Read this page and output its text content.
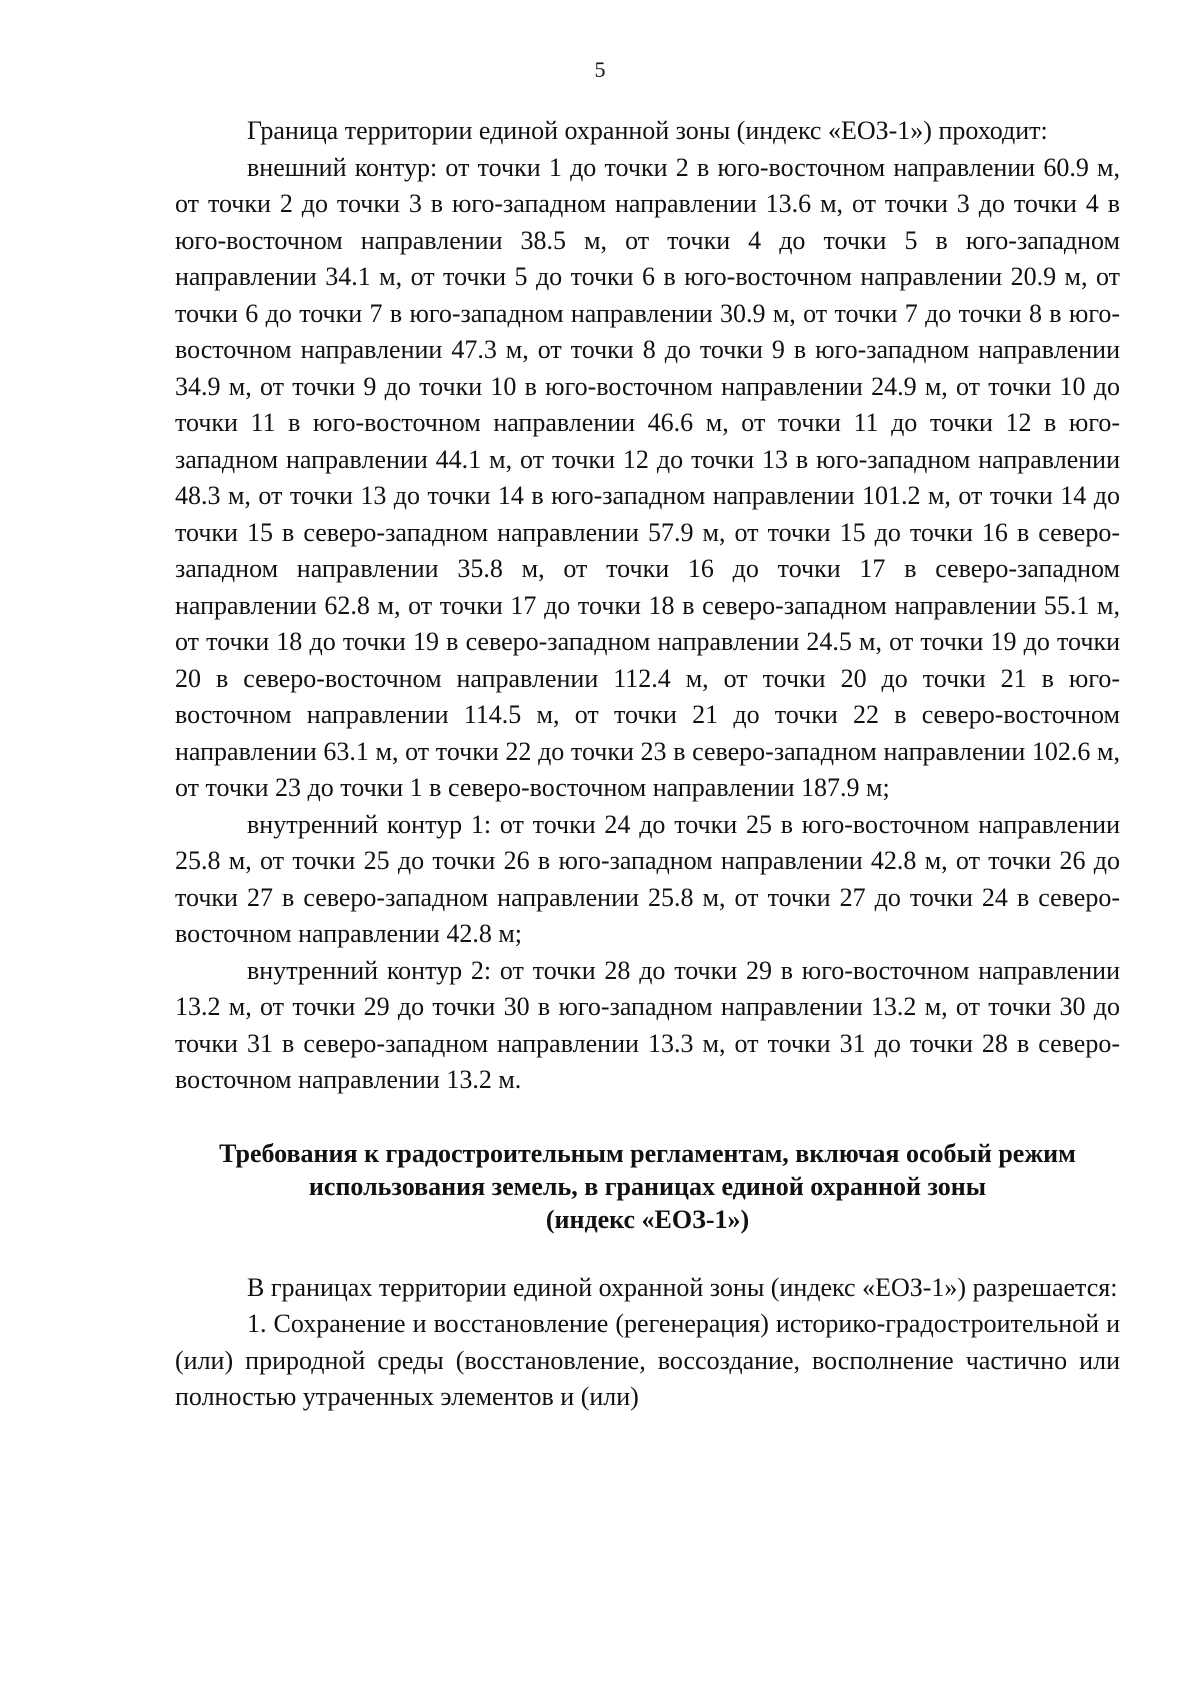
5

Граница территории единой охранной зоны (индекс «ЕОЗ-1») проходит:

внешний контур: от точки 1 до точки 2 в юго-восточном направлении 60.9 м, от точки 2 до точки 3 в юго-западном направлении 13.6 м, от точки 3 до точки 4 в юго-восточном направлении 38.5 м, от точки 4 до точки 5 в юго-западном направлении 34.1 м, от точки 5 до точки 6 в юго-восточном направлении 20.9 м, от точки 6 до точки 7 в юго-западном направлении 30.9 м, от точки 7 до точки 8 в юго-восточном направлении 47.3 м, от точки 8 до точки 9 в юго-западном направлении 34.9 м, от точки 9 до точки 10 в юго-восточном направлении 24.9 м, от точки 10 до точки 11 в юго-восточном направлении 46.6 м, от точки 11 до точки 12 в юго-западном направлении 44.1 м, от точки 12 до точки 13 в юго-западном направлении 48.3 м, от точки 13 до точки 14 в юго-западном направлении 101.2 м, от точки 14 до точки 15 в северо-западном направлении 57.9 м, от точки 15 до точки 16 в северо-западном направлении 35.8 м, от точки 16 до точки 17 в северо-западном направлении 62.8 м, от точки 17 до точки 18 в северо-западном направлении 55.1 м, от точки 18 до точки 19 в северо-западном направлении 24.5 м, от точки 19 до точки 20 в северо-восточном направлении 112.4 м, от точки 20 до точки 21 в юго-восточном направлении 114.5 м, от точки 21 до точки 22 в северо-восточном направлении 63.1 м, от точки 22 до точки 23 в северо-западном направлении 102.6 м, от точки 23 до точки 1 в северо-восточном направлении 187.9 м;

внутренний контур 1: от точки 24 до точки 25 в юго-восточном направлении 25.8 м, от точки 25 до точки 26 в юго-западном направлении 42.8 м, от точки 26 до точки 27 в северо-западном направлении 25.8 м, от точки 27 до точки 24 в северо-восточном направлении 42.8 м;

внутренний контур 2: от точки 28 до точки 29 в юго-восточном направлении 13.2 м, от точки 29 до точки 30 в юго-западном направлении 13.2 м, от точки 30 до точки 31 в северо-западном направлении 13.3 м, от точки 31 до точки 28 в северо-восточном направлении 13.2 м.

Требования к градостроительным регламентам, включая особый режим
использования земель, в границах единой охранной зоны
(индекс «ЕОЗ-1»)

В границах территории единой охранной зоны (индекс «ЕОЗ-1») разрешается:

1. Сохранение и восстановление (регенерация) историко-градостроительной и (или) природной среды (восстановление, воссоздание, восполнение частично или полностью утраченных элементов и (или)
